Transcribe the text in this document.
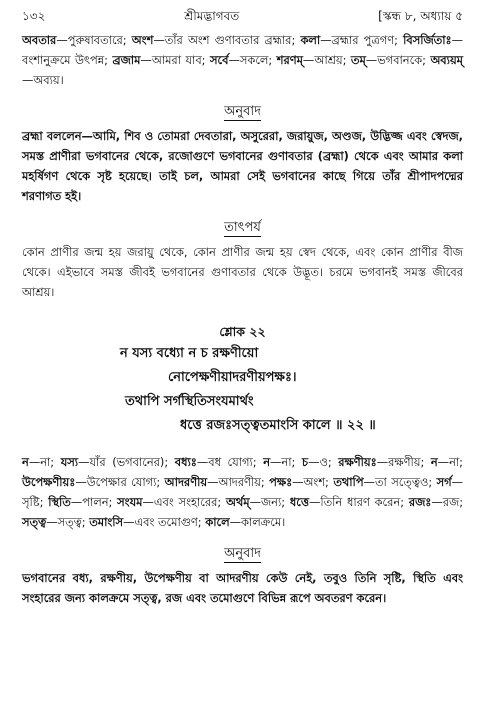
১৩২	শ্রীমদ্ভাগবত	[স্কন্ধ ৮, অধ্যায় ৫

অবতার—পুরুষাবতারে; অংশ—তাঁর অংশ গুণাবতার ব্রহ্মার; কলা—ব্রহ্মার পুত্রগণ; বিসর্জিতাঃ—বংশানুক্রমে উৎপন্ন; ব্রজাম—আমরা যাব; সর্বে—সকলে; শরণম্—আশ্রয়; তম্—ভগবানকে; অব্যয়ম্—অব্যয়।

অনুবাদ

ব্রহ্মা বললেন—আমি, শিব ও তোমরা দেবতারা, অসুরেরা, জরায়ুজ, অণ্ডজ, উদ্ভিজ্জ এবং স্বেদজ, সমস্ত প্রাণীরা ভগবানের থেকে, রজোগুণে ভগবানের গুণাবতার (ব্রহ্মা) থেকে এবং আমার কলা মহর্ষিগণ থেকে সৃষ্ট হয়েছে। তাই চল, আমরা সেই ভগবানের কাছে গিয়ে তাঁর শ্রীপাদপদ্মের শরণাগত হই।

তাৎপর্য

কোন প্রাণীর জন্ম হয় জরায়ু থেকে, কোন প্রাণীর জন্ম হয় স্বেদ থেকে, এবং কোন প্রাণীর বীজ থেকে। এইভাবে সমস্ত জীবই ভগবানের গুণাবতার থেকে উদ্ভূত। চরমে ভগবানই সমস্ত জীবের আশ্রয়।

শ্লোক ২২
ন যস্য বধ্যো ন চ রক্ষণীয়ো
নোপেক্ষণীয়াদরণীয়পক্ষঃ।
তথাপি সর্গস্থিতিসংযমার্থং
ধত্তে রজঃসত্ত্বতমাংসি কালে ॥ ২২ ॥

ন—না; যস্য—যাঁর (ভগবানের); বধ্যঃ—বধ যোগ্য; ন—না; চ—ও; রক্ষণীয়ঃ—রক্ষণীয়; ন—না; উপেক্ষণীয়ঃ—উপেক্ষার যোগ্য; আদরণীয়—আদরণীয়; পক্ষঃ—অংশ; তথাপি—তা সত্ত্বেও; সর্গ—সৃষ্টি; স্থিতি—পালন; সংযম—এবং সংহারের; অর্থম্—জন্য; ধত্তে—তিনি ধারণ করেন; রজঃ—রজ; সত্ত্ব—সত্ত্ব; তমাংসি—এবং তমোগুণ; কালে—কালক্রমে।

অনুবাদ

ভগবানের বধ্য, রক্ষণীয়, উপেক্ষণীয় বা আদরণীয় কেউ নেই, তবুও তিনি সৃষ্টি, স্থিতি এবং সংহারের জন্য কালক্রমে সত্ত্ব, রজ এবং তমোগুণে বিভিন্ন রূপে অবতরণ করেন।
